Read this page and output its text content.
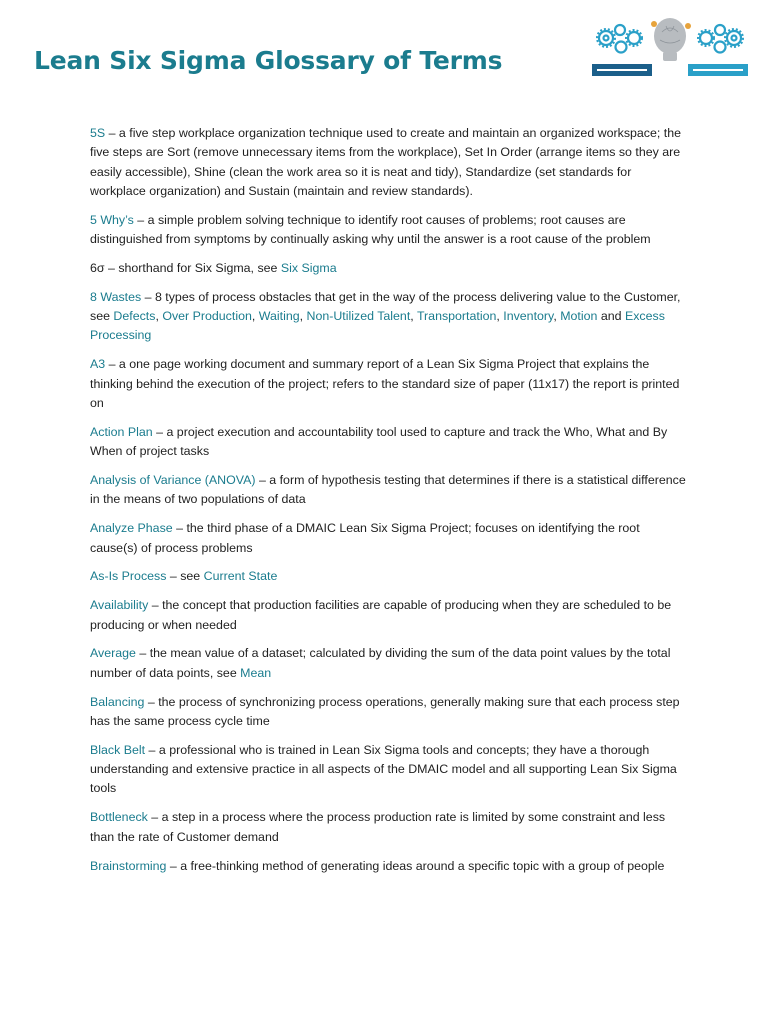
Lean Six Sigma Glossary of Terms

5S – a five step workplace organization technique used to create and maintain an organized workspace; the five steps are Sort (remove unnecessary items from the workplace), Set In Order (arrange items so they are easily accessible), Shine (clean the work area so it is neat and tidy), Standardize (set standards for workplace organization) and Sustain (maintain and review standards).

5 Why’s – a simple problem solving technique to identify root causes of problems; root causes are distinguished from symptoms by continually asking why until the answer is a root cause of the problem

6σ – shorthand for Six Sigma, see Six Sigma

8 Wastes – 8 types of process obstacles that get in the way of the process delivering value to the Customer, see Defects, Over Production, Waiting, Non-Utilized Talent, Transportation, Inventory, Motion and Excess Processing

A3 – a one page working document and summary report of a Lean Six Sigma Project that explains the thinking behind the execution of the project; refers to the standard size of paper (11x17) the report is printed on

Action Plan – a project execution and accountability tool used to capture and track the Who, What and By When of project tasks

Analysis of Variance (ANOVA) – a form of hypothesis testing that determines if there is a statistical difference in the means of two populations of data

Analyze Phase – the third phase of a DMAIC Lean Six Sigma Project; focuses on identifying the root cause(s) of process problems

As-Is Process – see Current State

Availability – the concept that production facilities are capable of producing when they are scheduled to be producing or when needed

Average – the mean value of a dataset; calculated by dividing the sum of the data point values by the total number of data points, see Mean

Balancing – the process of synchronizing process operations, generally making sure that each process step has the same process cycle time

Black Belt – a professional who is trained in Lean Six Sigma tools and concepts; they have a thorough understanding and extensive practice in all aspects of the DMAIC model and all supporting Lean Six Sigma tools

Bottleneck – a step in a process where the process production rate is limited by some constraint and less than the rate of Customer demand

Brainstorming – a free-thinking method of generating ideas around a specific topic with a group of people
